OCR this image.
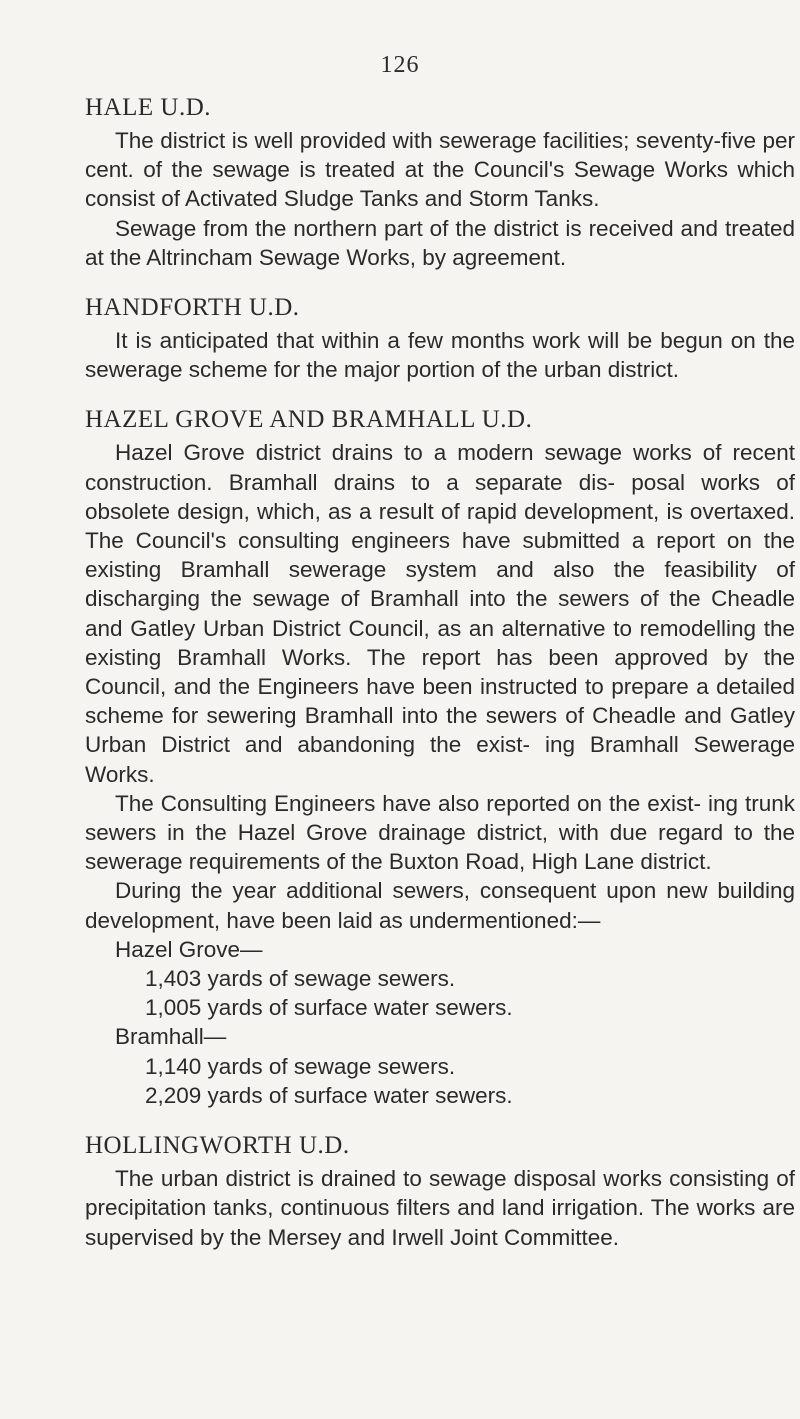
126
HALE U.D.

The district is well provided with sewerage facilities; seventy-five per cent. of the sewage is treated at the Council's Sewage Works which consist of Activated Sludge Tanks and Storm Tanks.

Sewage from the northern part of the district is received and treated at the Altrincham Sewage Works, by agreement.

HANDFORTH U.D.

It is anticipated that within a few months work will be begun on the sewerage scheme for the major portion of the urban district.

HAZEL GROVE AND BRAMHALL U.D.

Hazel Grove district drains to a modern sewage works of recent construction. Bramhall drains to a separate dis- posal works of obsolete design, which, as a result of rapid development, is overtaxed. The Council's consulting engineers have submitted a report on the existing Bramhall sewerage system and also the feasibility of discharging the sewage of Bramhall into the sewers of the Cheadle and Gatley Urban District Council, as an alternative to remodelling the existing Bramhall Works. The report has been approved by the Council, and the Engineers have been instructed to prepare a detailed scheme for sewering Bramhall into the sewers of Cheadle and Gatley Urban District and abandoning the exist- ing Bramhall Sewerage Works.

The Consulting Engineers have also reported on the exist- ing trunk sewers in the Hazel Grove drainage district, with due regard to the sewerage requirements of the Buxton Road, High Lane district.

During the year additional sewers, consequent upon new building development, have been laid as undermentioned:—

Hazel Grove—

1,403 yards of sewage sewers.

1,005 yards of surface water sewers.

Bramhall—

1,140 yards of sewage sewers.

2,209 yards of surface water sewers.

HOLLINGWORTH U.D.

The urban district is drained to sewage disposal works consisting of precipitation tanks, continuous filters and land irrigation. The works are supervised by the Mersey and Irwell Joint Committee.
